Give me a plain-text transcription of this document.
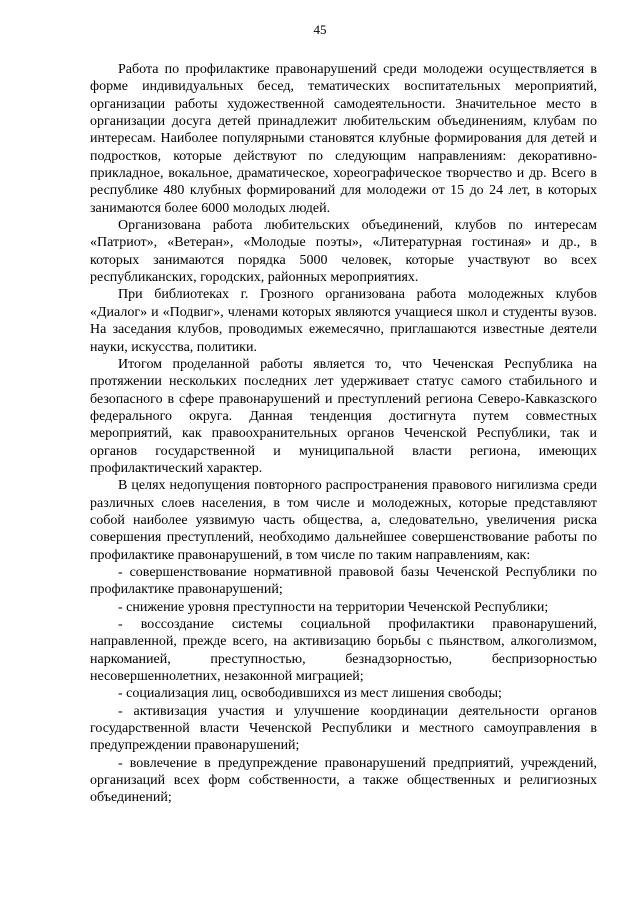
45

Работа по профилактике правонарушений среди молодежи осуществляется в форме индивидуальных бесед, тематических воспитательных мероприятий, организации работы художественной самодеятельности. Значительное место в организации досуга детей принадлежит любительским объединениям, клубам по интересам. Наиболее популярными становятся клубные формирования для детей и подростков, которые действуют по следующим направлениям: декоративно-прикладное, вокальное, драматическое, хореографическое творчество и др. Всего в республике 480 клубных формирований для молодежи от 15 до 24 лет, в которых занимаются более 6000 молодых людей.

Организована работа любительских объединений, клубов по интересам «Патриот», «Ветеран», «Молодые поэты», «Литературная гостиная» и др., в которых занимаются порядка 5000 человек, которые участвуют во всех республиканских, городских, районных мероприятиях.

При библиотеках г. Грозного организована работа молодежных клубов «Диалог» и «Подвиг», членами которых являются учащиеся школ и студенты вузов. На заседания клубов, проводимых ежемесячно, приглашаются известные деятели науки, искусства, политики.

Итогом проделанной работы является то, что Чеченская Республика на протяжении нескольких последних лет удерживает статус самого стабильного и безопасного в сфере правонарушений и преступлений региона Северо-Кавказского федерального округа. Данная тенденция достигнута путем совместных мероприятий, как правоохранительных органов Чеченской Республики, так и органов государственной и муниципальной власти региона, имеющих профилактический характер.

В целях недопущения повторного распространения правового нигилизма среди различных слоев населения, в том числе и молодежных, которые представляют собой наиболее уязвимую часть общества, а, следовательно, увеличения риска совершения преступлений, необходимо дальнейшее совершенствование работы по профилактике правонарушений, в том числе по таким направлениям, как:

- совершенствование нормативной правовой базы Чеченской Республики по профилактике правонарушений;

- снижение уровня преступности на территории Чеченской Республики;

- воссоздание системы социальной профилактики правонарушений, направленной, прежде всего, на активизацию борьбы с пьянством, алкоголизмом, наркоманией, преступностью, безнадзорностью, беспризорностью несовершеннолетних, незаконной миграцией;

- социализация лиц, освободившихся из мест лишения свободы;

- активизация участия и улучшение координации деятельности органов государственной власти Чеченской Республики и местного самоуправления в предупреждении правонарушений;

- вовлечение в предупреждение правонарушений предприятий, учреждений, организаций всех форм собственности, а также общественных и религиозных объединений;
